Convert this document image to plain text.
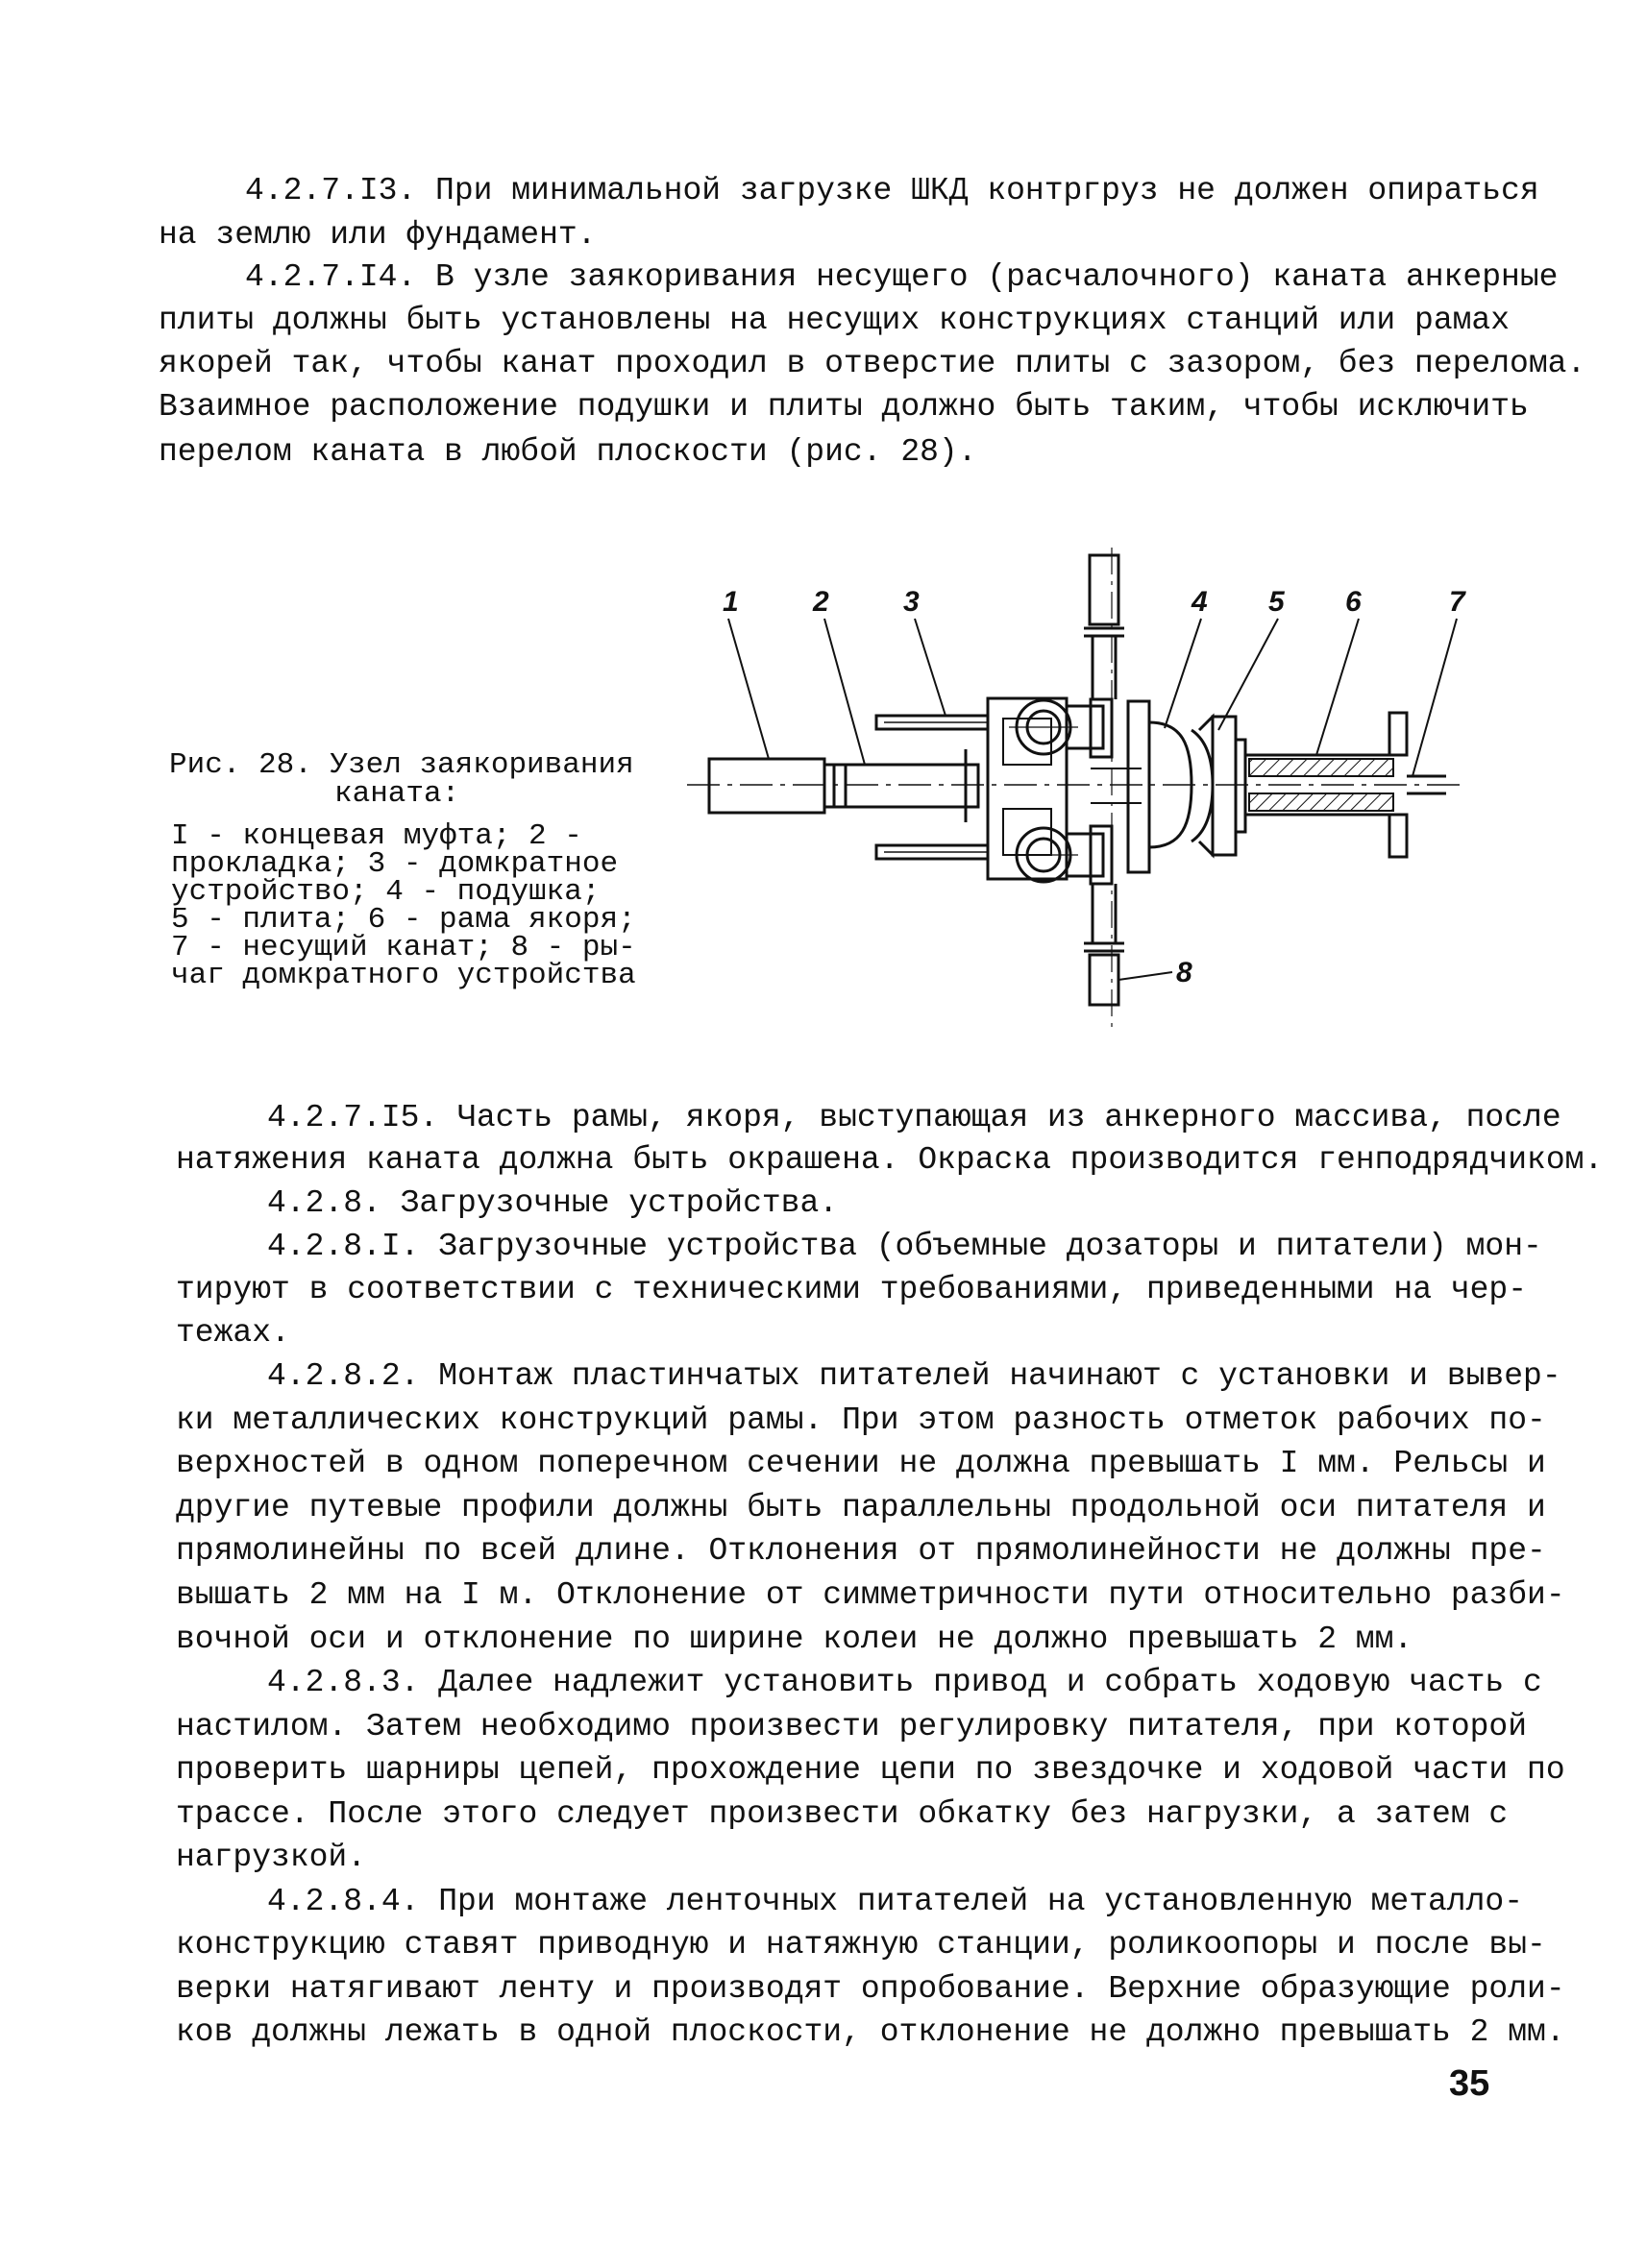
4.2.7.I3. При минимальной загрузке ШКД контргруз не должен опираться
на землю или фундамент.
4.2.7.I4. В узле заякоривания несущего (расчалочного) каната анкерные
плиты должны быть установлены на несущих конструкциях станций или рамах
якорей так, чтобы канат проходил в отверстие плиты с зазором, без перелома.
Взаимное расположение подушки и плиты должно быть таким, чтобы исключить
перелом каната в любой плоскости (рис. 28).
Рис. 28. Узел заякоривания
канатa:
I - концевая муфта; 2 -
прокладка; 3 - домкратное
устройство; 4 - подушка;
5 - плита; 6 - рама якоря;
7 - несущий канат; 8 - ры-
чаг домкратного устройства
1	2	3	4 5 6	7
8
4.2.7.I5. Часть рамы, якоря, выступающая из анкерного массива, после
натяжения каната должна быть окрашена. Окраска производится генподрядчиком.
4.2.8. Загрузочные устройства.
4.2.8.I. Загрузочные устройства (объемные дозаторы и питатели) мон-
тируют в соответствии с техническими требованиями, приведенными на чер-
тежах.
4.2.8.2. Монтаж пластинчатых питателей начинают с установки и вывер-
ки металлических конструкций рамы. При этом разность отметок рабочих по-
верхностей в одном поперечном сечении не должна превышать I мм. Рельсы и
другие путевые профили должны быть параллельны продольной оси питателя и
прямолинейны по всей длине. Отклонения от прямолинейности не должны пре-
вышать 2 мм на I м. Отклонение от симметричности пути относительно разби-
вочной оси и отклонение по ширине колеи не должно превышать 2 мм.
4.2.8.3. Далее надлежит установить привод и собрать ходовую часть с
настилом. Затем необходимо произвести регулировку питателя, при которой
проверить шарниры цепей, прохождение цепи по звездочке и ходовой части по
трассе. После этого следует произвести обкатку без нагрузки, а затем с
нагрузкой.
4.2.8.4. При монтаже ленточных питателей на установленную металло-
конструкцию ставят приводную и натяжную станции, роликоопоры и после вы-
верки натягивают ленту и производят опробование. Верхние образующие роли-
ков должны лежать в одной плоскости, отклонение не должно превышать 2 мм.
35
